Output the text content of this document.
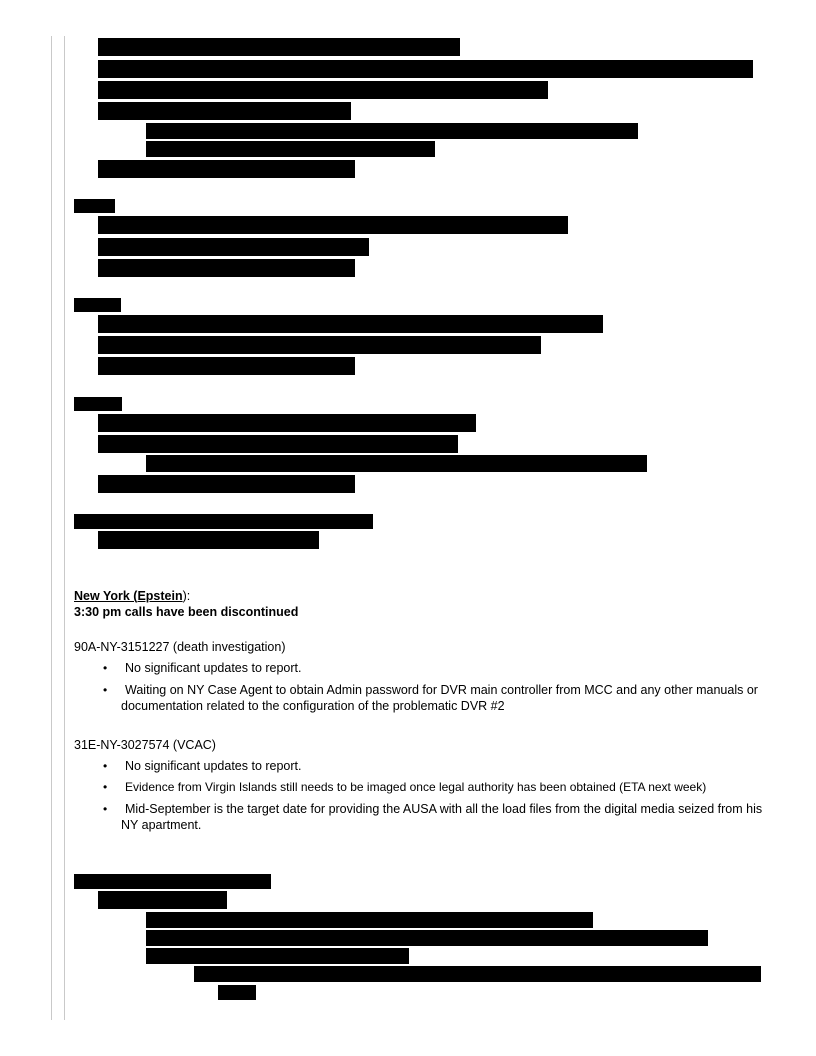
New York (Epstein):
3:30 pm calls have been discontinued
90A-NY-3151227 (death investigation)
• No significant updates to report.
• Waiting on NY Case Agent to obtain Admin password for DVR main controller from MCC and any other manuals or documentation related to the configuration of the problematic DVR #2
31E-NY-3027574 (VCAC)
• No significant updates to report.
• Evidence from Virgin Islands still needs to be imaged once legal authority has been obtained (ETA next week)
• Mid-September is the target date for providing the AUSA with all the load files from the digital media seized from his NY apartment.
